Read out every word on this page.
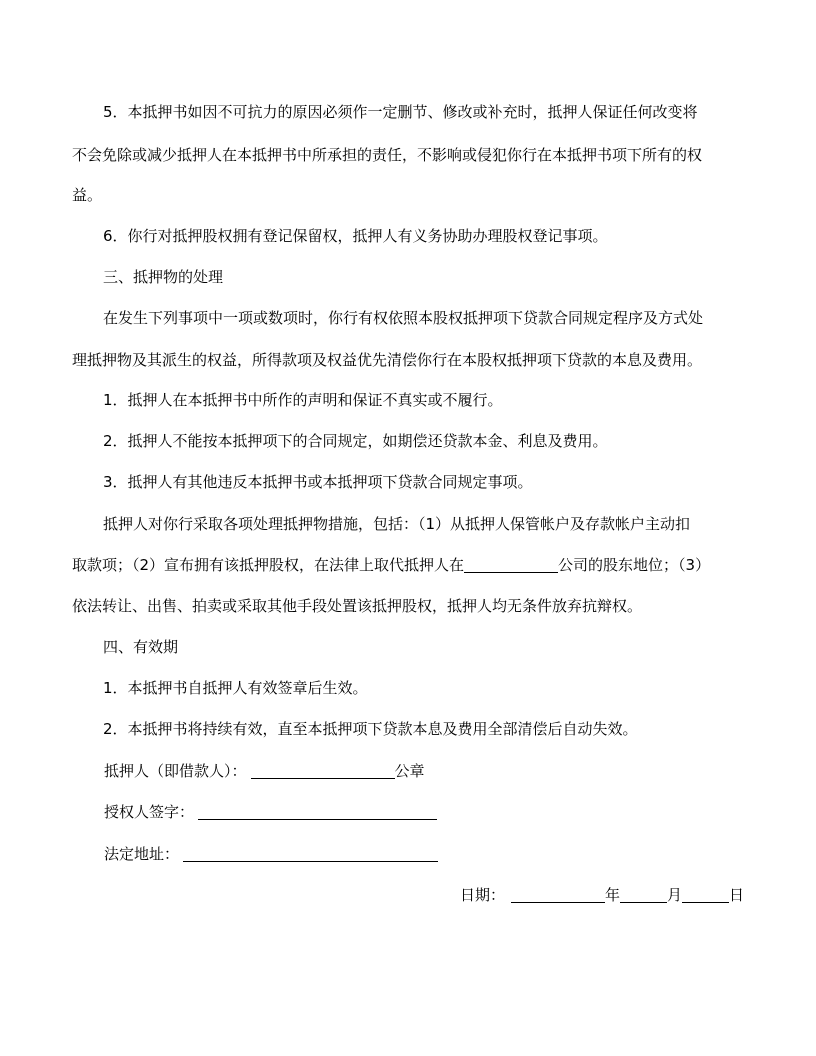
5．本抵押书如因不可抗力的原因必须作一定删节、修改或补充时，抵押人保证任何改变将

不会免除或减少抵押人在本抵押书中所承担的责任，不影响或侵犯你行在本抵押书项下所有的权

益。

6．你行对抵押股权拥有登记保留权，抵押人有义务协助办理股权登记事项。

三、抵押物的处理

在发生下列事项中一项或数项时，你行有权依照本股权抵押项下贷款合同规定程序及方式处

理抵押物及其派生的权益，所得款项及权益优先清偿你行在本股权抵押项下贷款的本息及费用。

1．抵押人在本抵押书中所作的声明和保证不真实或不履行。

2．抵押人不能按本抵押项下的合同规定，如期偿还贷款本金、利息及费用。

3．抵押人有其他违反本抵押书或本抵押项下贷款合同规定事项。

抵押人对你行采取各项处理抵押物措施，包括：（1）从抵押人保管帐户及存款帐户主动扣

取款项；（2）宣布拥有该抵押股权，在法律上取代抵押人在	公司的股东地位；（3）

依法转让、出售、拍卖或采取其他手段处置该抵押股权，抵押人均无条件放弃抗辩权。

四、有效期

1．本抵押书自抵押人有效签章后生效。

2．本抵押书将持续有效，直至本抵押项下贷款本息及费用全部清偿后自动失效。

抵押人（即借款人）：	公章
授权人签字：
法定地址：
日期：	年	月	日
